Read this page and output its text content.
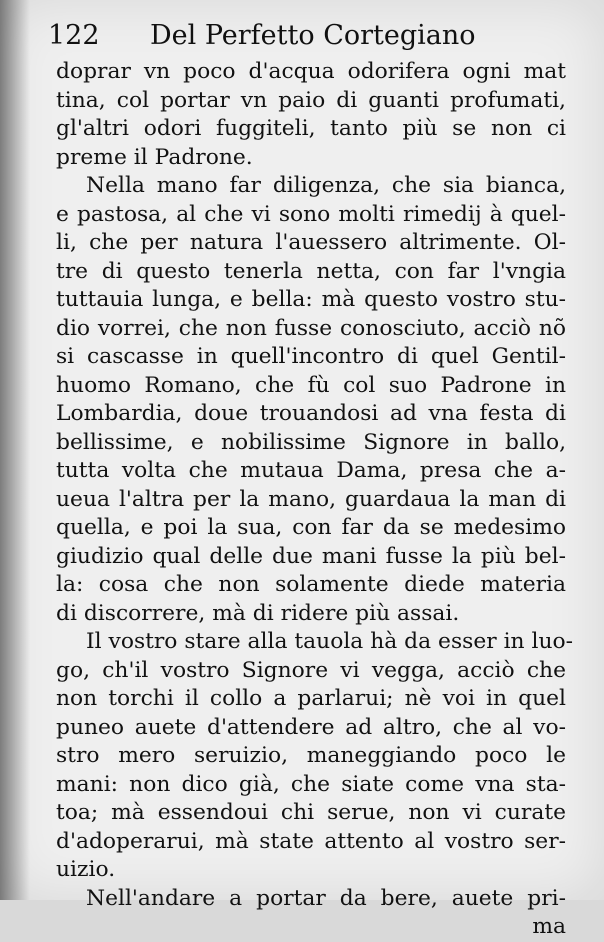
122 Del Perfetto Cortegiano
doprar vn poco d'acqua odorifera ogni mat
tina, col portar vn paio di guanti profumati,
gl'altri odori fuggiteli, tanto più se non ci
preme il Padrone.
Nella mano far diligenza, che sia bianca,
e pastosa, al che vi sono molti rimedij à quel-
li, che per natura l'auessero altrimente. Ol-
tre di questo tenerla netta, con far l'vngia
tuttauia lunga, e bella: mà questo vostro stu-
dio vorrei, che non fusse conosciuto, acciò nõ
si cascasse in quell'incontro di quel Gentil-
huomo Romano, che fù col suo Padrone in
Lombardia, doue trouandosi ad vna festa di
bellissime, e nobilissime Signore in ballo,
tutta volta che mutaua Dama, presa che a-
ueua l'altra per la mano, guardaua la man di
quella, e poi la sua, con far da se medesimo
giudizio qual delle due mani fusse la più bel-
la: cosa che non solamente diede materia
di discorrere, mà di ridere più assai.
Il vostro stare alla tauola hà da esser in luo-
go, ch'il vostro Signore vi vegga, acciò che
non torchi il collo a parlarui; nè voi in quel
puneo auete d'attendere ad altro, che al vo-
stro mero seruizio, maneggiando poco le
mani: non dico già, che siate come vna sta-
toa; mà essendoui chi serue, non vi curate
d'adoperarui, mà state attento al vostro ser-
uizio.
Nell'andare a portar da bere, auete pri-
ma
